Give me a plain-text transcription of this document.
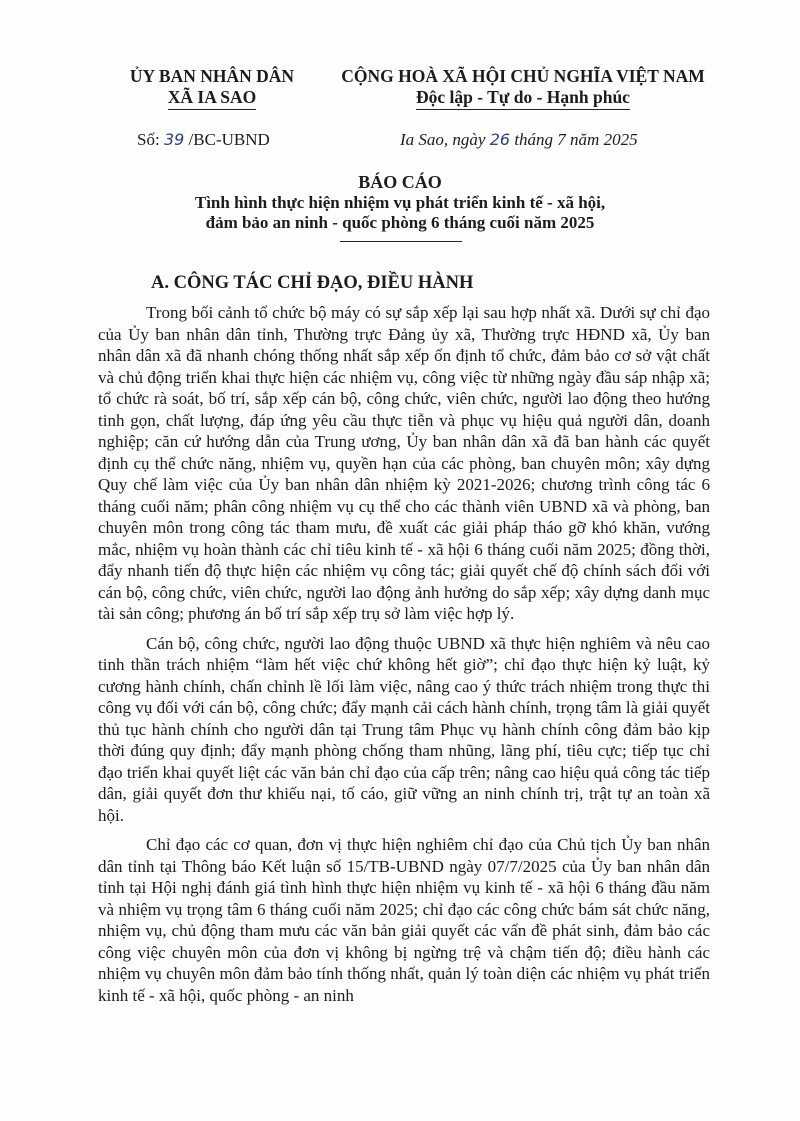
ỦY BAN NHÂN DÂN
XÃ IA SAO
CỘNG HOÀ XÃ HỘI CHỦ NGHĨA VIỆT NAM
Độc lập - Tự do - Hạnh phúc
Số: 39 /BC-UBND	Ia Sao, ngày 26 tháng 7 năm 2025
BÁO CÁO
Tình hình thực hiện nhiệm vụ phát triển kinh tế - xã hội,
đảm bảo an ninh - quốc phòng 6 tháng cuối năm 2025
A. CÔNG TÁC CHỈ ĐẠO, ĐIỀU HÀNH

Trong bối cảnh tổ chức bộ máy có sự sắp xếp lại sau hợp nhất xã. Dưới sự chỉ đạo của Ủy ban nhân dân tỉnh, Thường trực Đảng ủy xã, Thường trực HĐND xã, Ủy ban nhân dân xã đã nhanh chóng thống nhất sắp xếp ổn định tổ chức, đảm bảo cơ sở vật chất và chủ động triển khai thực hiện các nhiệm vụ, công việc từ những ngày đầu sáp nhập xã; tổ chức rà soát, bố trí, sắp xếp cán bộ, công chức, viên chức, người lao động theo hướng tinh gọn, chất lượng, đáp ứng yêu cầu thực tiễn và phục vụ hiệu quả người dân, doanh nghiệp; căn cứ hướng dẫn của Trung ương, Ủy ban nhân dân xã đã ban hành các quyết định cụ thể chức năng, nhiệm vụ, quyền hạn của các phòng, ban chuyên môn; xây dựng Quy chế làm việc của Ủy ban nhân dân nhiệm kỳ 2021-2026; chương trình công tác 6 tháng cuối năm; phân công nhiệm vụ cụ thể cho các thành viên UBND xã và phòng, ban chuyên môn trong công tác tham mưu, đề xuất các giải pháp tháo gỡ khó khăn, vướng mắc, nhiệm vụ hoàn thành các chỉ tiêu kinh tế - xã hội 6 tháng cuối năm 2025; đồng thời, đẩy nhanh tiến độ thực hiện các nhiệm vụ công tác; giải quyết chế độ chính sách đối với cán bộ, công chức, viên chức, người lao động ảnh hưởng do sắp xếp; xây dựng danh mục tài sản công; phương án bố trí sắp xếp trụ sở làm việc hợp lý.

Cán bộ, công chức, người lao động thuộc UBND xã thực hiện nghiêm và nêu cao tinh thần trách nhiệm “làm hết việc chứ không hết giờ”; chỉ đạo thực hiện kỷ luật, kỷ cương hành chính, chấn chỉnh lề lối làm việc, nâng cao ý thức trách nhiệm trong thực thi công vụ đối với cán bộ, công chức; đẩy mạnh cải cách hành chính, trọng tâm là giải quyết thủ tục hành chính cho người dân tại Trung tâm Phục vụ hành chính công đảm bảo kịp thời đúng quy định; đẩy mạnh phòng chống tham nhũng, lãng phí, tiêu cực; tiếp tục chỉ đạo triển khai quyết liệt các văn bản chỉ đạo của cấp trên; nâng cao hiệu quả công tác tiếp dân, giải quyết đơn thư khiếu nại, tố cáo, giữ vững an ninh chính trị, trật tự an toàn xã hội.

Chỉ đạo các cơ quan, đơn vị thực hiện nghiêm chỉ đạo của Chủ tịch Ủy ban nhân dân tỉnh tại Thông báo Kết luận số 15/TB-UBND ngày 07/7/2025 của Ủy ban nhân dân tỉnh tại Hội nghị đánh giá tình hình thực hiện nhiệm vụ kinh tế - xã hội 6 tháng đầu năm và nhiệm vụ trọng tâm 6 tháng cuối năm 2025; chỉ đạo các công chức bám sát chức năng, nhiệm vụ, chủ động tham mưu các văn bản giải quyết các vấn đề phát sinh, đảm bảo các công việc chuyên môn của đơn vị không bị ngừng trệ và chậm tiến độ; điều hành các nhiệm vụ chuyên môn đảm bảo tính thống nhất, quản lý toàn diện các nhiệm vụ phát triển kinh tế - xã hội, quốc phòng - an ninh
